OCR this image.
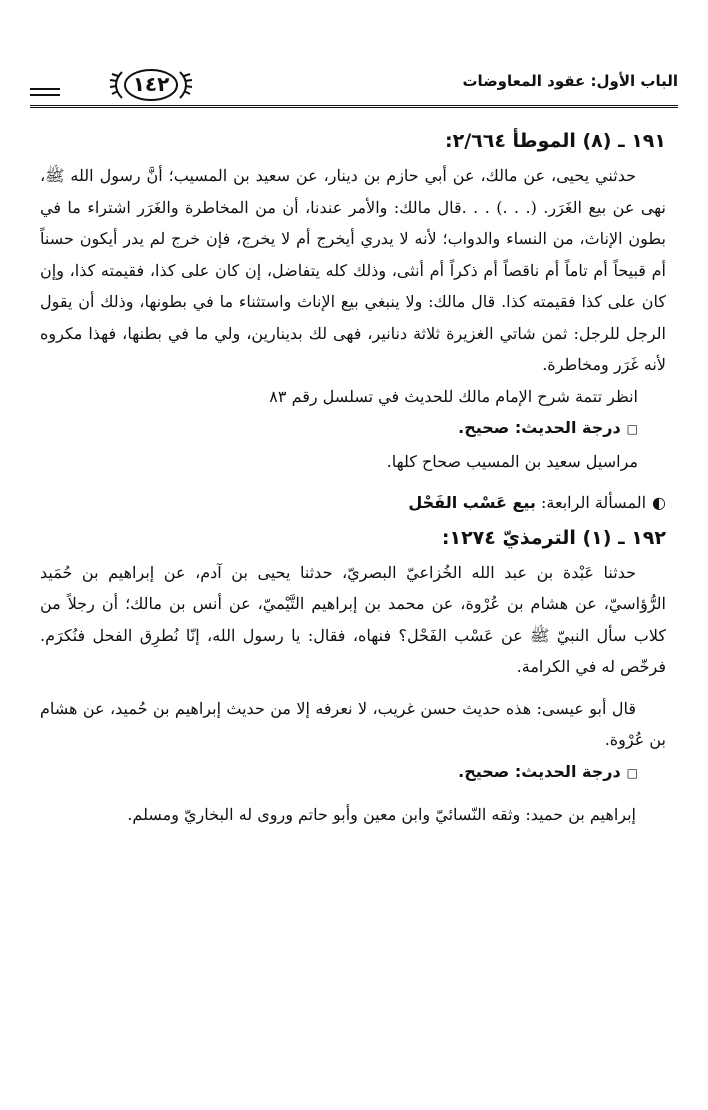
١٤٢	الباب الأول: عقود المعاوضات
١٩١ ـ (٨) الموطأ ٢/٦٦٤:

حدثني يحيى، عن مالك، عن أبي حازم بن دينار، عن سعيد بن المسيب؛ أنَّ رسول الله ﷺ، نهى عن بيع الغَرَر. (. . .) . . .قال مالك: والأمر عندنا، أن من المخاطرة والغَرَر اشتراء ما في بطون الإناث، من النساء والدواب؛ لأنه لا يدري أيخرج أم لا يخرج، فإن خرج لم يدر أيكون حسناً أم قبيحاً أم تاماً أم ناقصاً أم ذكراً أم أنثى، وذلك كله يتفاضل، إن كان على كذا، فقيمته كذا، وإن كان على كذا فقيمته كذا. قال مالك: ولا ينبغي بيع الإناث واستثناء ما في بطونها، وذلك أن يقول الرجل للرجل: ثمن شاتي الغزيرة ثلاثة دنانير، فهى لك بدينارين، ولي ما في بطنها، فهذا مكروه لأنه غَرَر ومخاطرة.

انظر تتمة شرح الإمام مالك للحديث في تسلسل رقم ٨٣

□درجة الحديث: صحيح.

مراسيل سعيد بن المسيب صحاح كلها.

◐المسألة الرابعة: بيع عَسْب الفَحْل

١٩٢ ـ (١) الترمذيّ ١٢٧٤:

حدثنا عَبْدة بن عبد الله الخُزاعيّ البصريّ، حدثنا يحيى بن آدم، عن إبراهيم بن حُمَيد الرُّؤاسيّ، عن هشام بن عُرْوة، عن محمد بن إبراهيم التَّيْميّ، عن أنس بن مالك؛ أن رجلاً من كلاب سأل النبيّ ﷺ عن عَسْب الفَحْل؟ فنهاه، فقال: يا رسول الله، إنّا نُطرِق الفحل فنُكرَم. فرخّص له في الكرامة.

قال أبو عيسى: هذه حديث حسن غريب، لا نعرفه إلا من حديث إبراهيم بن حُميد، عن هشام بن عُرْوة.

□درجة الحديث: صحيح.

إبراهيم بن حميد: وثقه النّسائيّ وابن معين وأبو حاتم وروى له البخاريّ ومسلم.
